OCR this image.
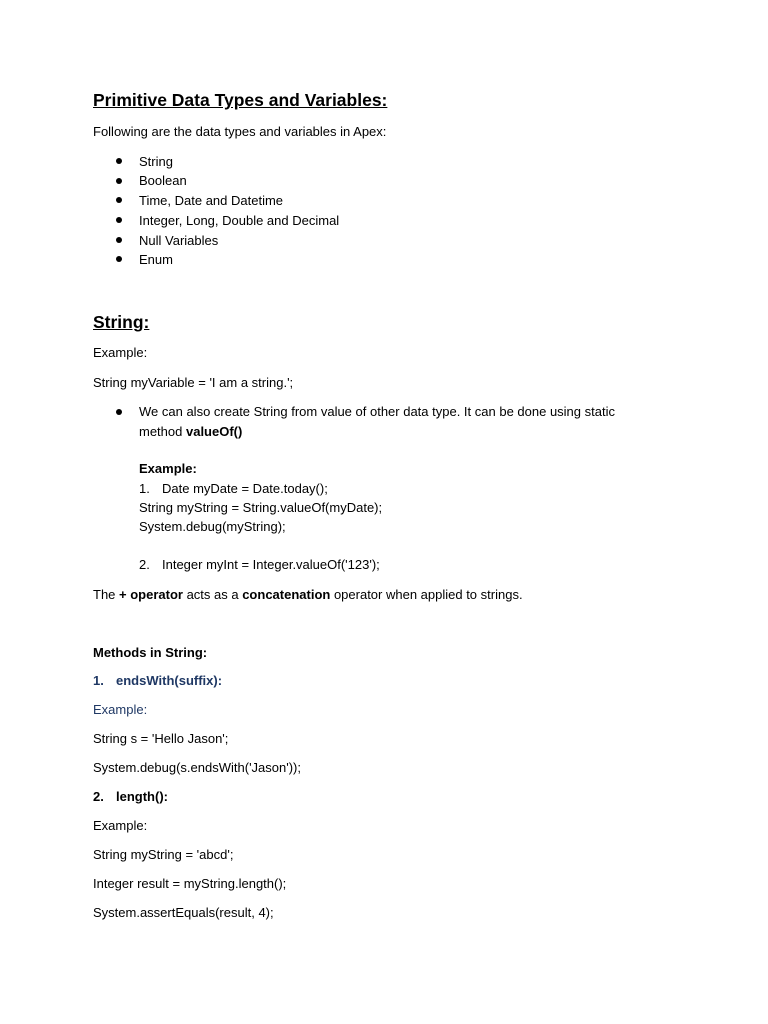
Primitive Data Types and Variables:
Following are the data types and variables in Apex:
String
Boolean
Time, Date and Datetime
Integer, Long, Double and Decimal
Null Variables
Enum
String:
Example:
String myVariable = 'I am a string.';
We can also create String from value of other data type. It can be done using static
method valueOf()
Example:
1. Date myDate = Date.today();
String myString = String.valueOf(myDate);
System.debug(myString);
2. Integer myInt = Integer.valueOf('123');
The + operator acts as a concatenation operator when applied to strings.
Methods in String:
1. endsWith(suffix):
Example:
String s = 'Hello Jason';
System.debug(s.endsWith('Jason'));
2. length():
Example:
String myString = 'abcd';
Integer result = myString.length();
System.assertEquals(result, 4);
